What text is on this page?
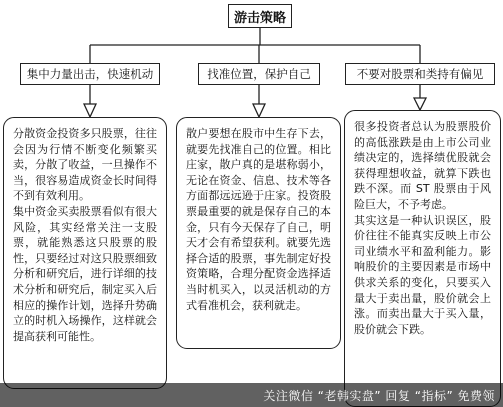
游击策略
集中力量出击，快速机动	找准位置，保护自己	不要对股票和类持有偏见

分散资金投资多只股票，往往会因为行情不断变化频繁买卖，分散了收益，一旦操作不当，很容易造成资金长时间得不到有效利用。

集中资金买卖股票看似有很大风险，其实经常关注一支股票，就能熟悉这只股票的股性，只要经过对这只股票细致分析和研究后，进行详细的技术分析和研究后，制定买入后相应的操作计划，选择升势确立的时机入场操作，这样就会提高获利可能性。

散户要想在股市中生存下去，就要先找准自己的位置。相比庄家，散户真的是堪称弱小，无论在资金、信息、技术等各方面都远远逊于庄家。投资股票最重要的就是保存自己的本金，只有今天保存了自己，明天才会有希望获利。就要先选择合适的股票，事先制定好投资策略，合理分配资金选择适当时机买入，以灵活机动的方式看准机会，获利就走。

很多投资者总认为股票股价的高低涨跌是由上市公司业绩决定的，选择绩优股就会获得理想收益，就算下跌也跌不深。而 ST 股票由于风险巨大，不予考虑。

其实这是一种认识误区，股价往往不能真实反映上市公司业绩水平和盈利能力。影响股价的主要因素是市场中供求关系的变化，只要买入量大于卖出量，股价就会上涨。而卖出量大于买入量，股价就会下跌。

关注微信 “老韩实盘” 回复 “指标” 免费领
